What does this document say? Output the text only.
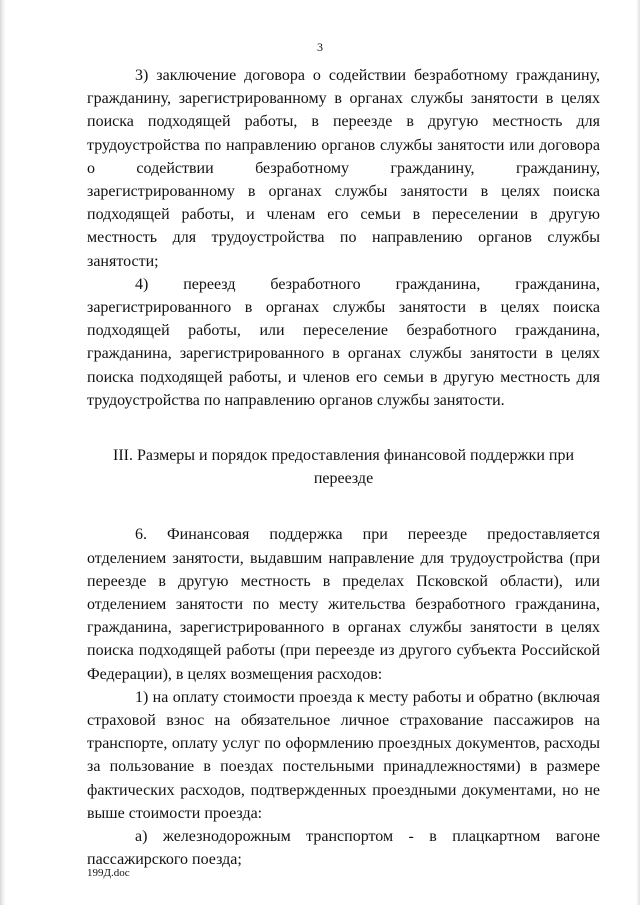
3

3) заключение договора о содействии безработному гражданину, гражданину, зарегистрированному в органах службы занятости в целях поиска подходящей работы, в переезде в другую местность для трудоустройства по направлению органов службы занятости или договора о содействии безработному гражданину, гражданину, зарегистрированному в органах службы занятости в целях поиска подходящей работы, и членам его семьи в переселении в другую местность для трудоустройства по направлению органов службы занятости;

4) переезд безработного гражданина, гражданина, зарегистрированного в органах службы занятости в целях поиска подходящей работы, или переселение безработного гражданина, гражданина, зарегистрированного в органах службы занятости в целях поиска подходящей работы, и членов его семьи в другую местность для трудоустройства по направлению органов службы занятости.

III. Размеры и порядок предоставления финансовой поддержки при переезде

6. Финансовая поддержка при переезде предоставляется отделением занятости, выдавшим направление для трудоустройства (при переезде в другую местность в пределах Псковской области), или отделением занятости по месту жительства безработного гражданина, гражданина, зарегистрированного в органах службы занятости в целях поиска подходящей работы (при переезде из другого субъекта Российской Федерации), в целях возмещения расходов:

1) на оплату стоимости проезда к месту работы и обратно (включая страховой взнос на обязательное личное страхование пассажиров на транспорте, оплату услуг по оформлению проездных документов, расходы за пользование в поездах постельными принадлежностями) в размере фактических расходов, подтвержденных проездными документами, но не выше стоимости проезда:

а) железнодорожным транспортом - в плацкартном вагоне пассажирского поезда;

199Д.doc
